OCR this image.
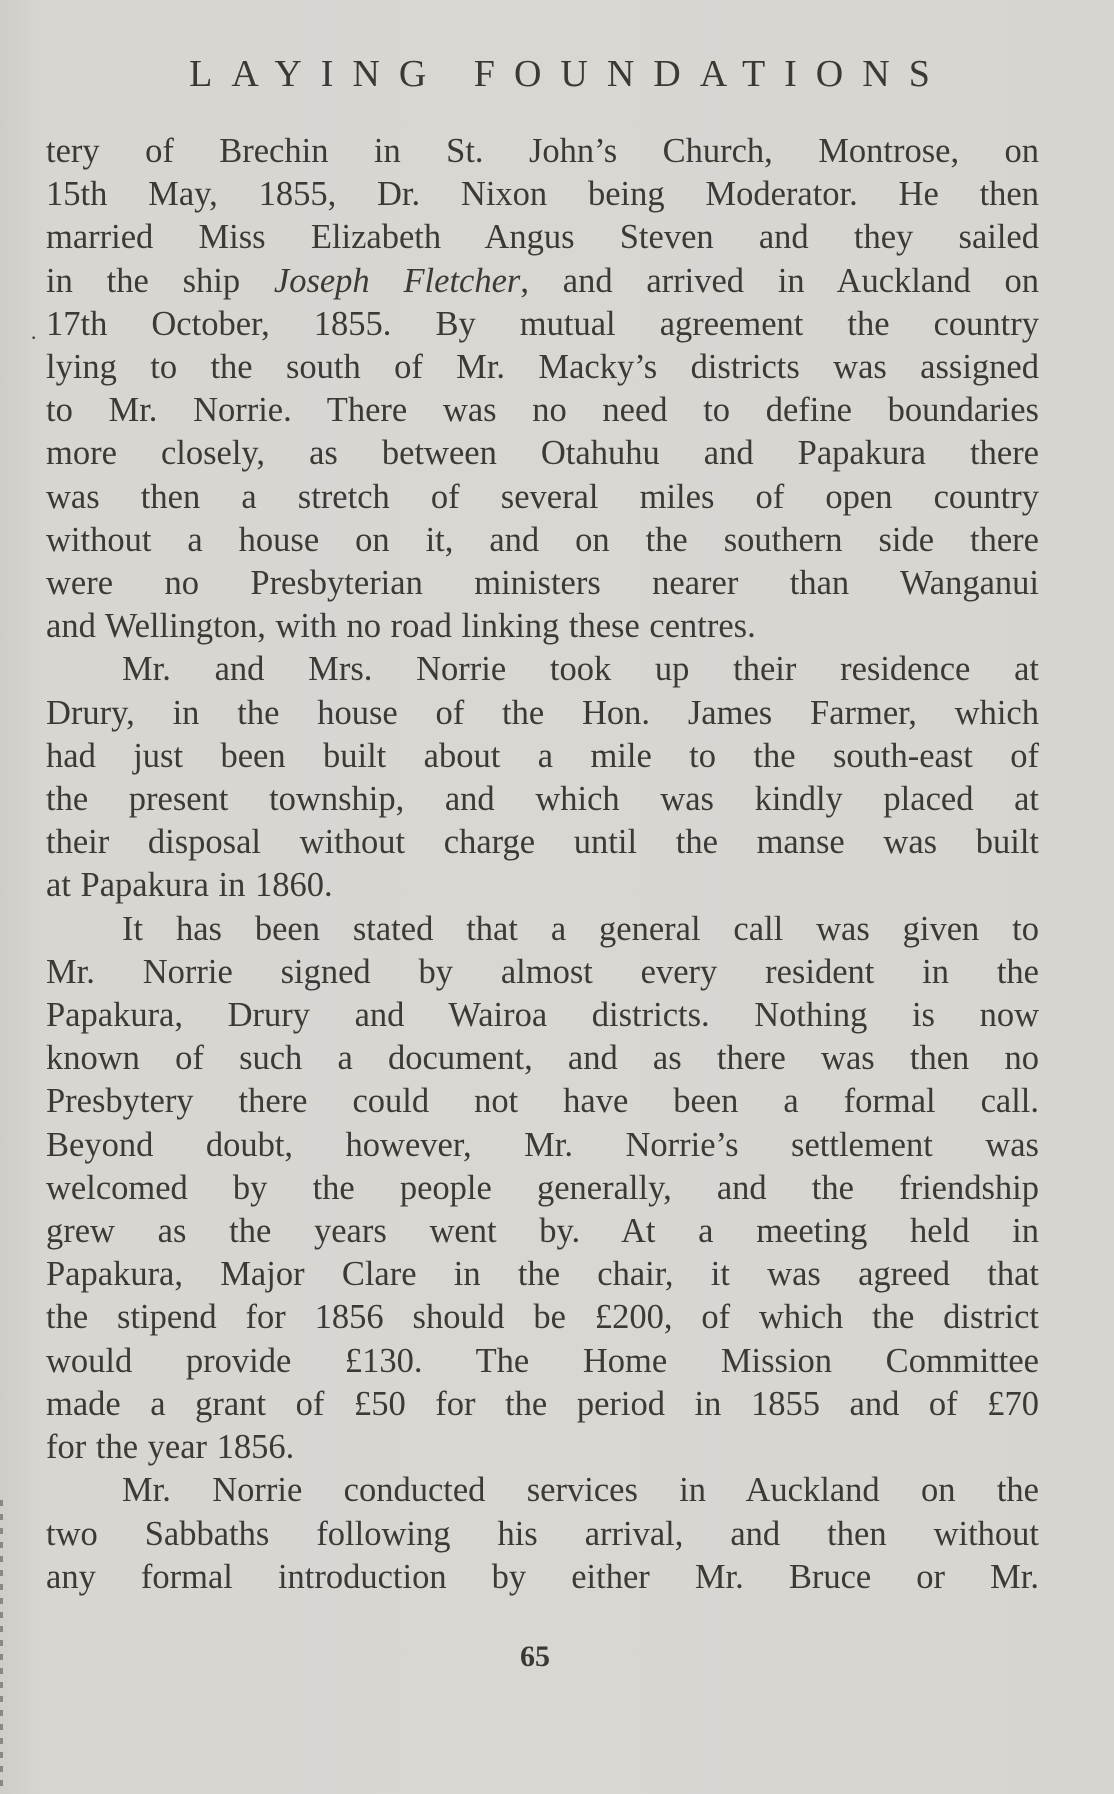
LAYING FOUNDATIONS
·
tery of Brechin in St. John’s Church, Montrose, on
15th May, 1855, Dr. Nixon being Moderator. He then
married Miss Elizabeth Angus Steven and they sailed
in the ship Joseph Fletcher, and arrived in Auckland on
17th October, 1855. By mutual agreement the country
lying to the south of Mr. Macky’s districts was assigned
to Mr. Norrie. There was no need to define boundaries
more closely, as between Otahuhu and Papakura there
was then a stretch of several miles of open country
without a house on it, and on the southern side there
were no Presbyterian ministers nearer than Wanganui
and Wellington, with no road linking these centres.
Mr. and Mrs. Norrie took up their residence at
Drury, in the house of the Hon. James Farmer, which
had just been built about a mile to the south-east of
the present township, and which was kindly placed at
their disposal without charge until the manse was built
at Papakura in 1860.
It has been stated that a general call was given to
Mr. Norrie signed by almost every resident in the
Papakura, Drury and Wairoa districts. Nothing is now
known of such a document, and as there was then no
Presbytery there could not have been a formal call.
Beyond doubt, however, Mr. Norrie’s settlement was
welcomed by the people generally, and the friendship
grew as the years went by. At a meeting held in
Papakura, Major Clare in the chair, it was agreed that
the stipend for 1856 should be £200, of which the district
would provide £130. The Home Mission Committee
made a grant of £50 for the period in 1855 and of £70
for the year 1856.
Mr. Norrie conducted services in Auckland on the
two Sabbaths following his arrival, and then without
any formal introduction by either Mr. Bruce or Mr.

65
